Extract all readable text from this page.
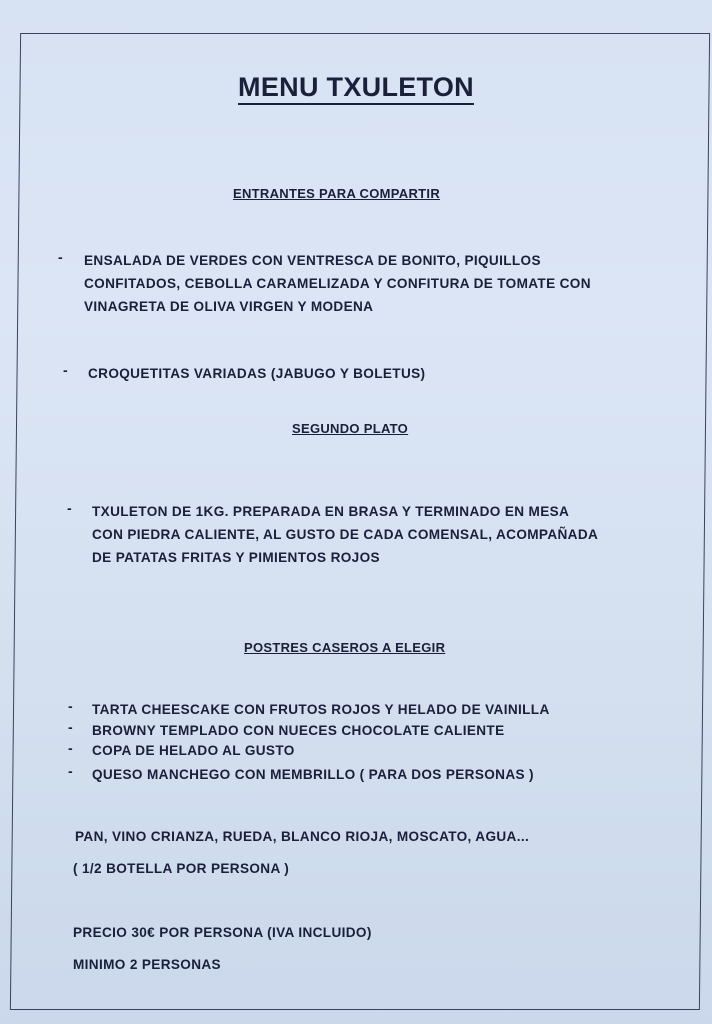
MENU TXULETON
ENTRANTES PARA COMPARTIR
- ENSALADA DE VERDES CON VENTRESCA DE BONITO, PIQUILLOS
CONFITADOS, CEBOLLA CARAMELIZADA Y CONFITURA DE TOMATE CON
VINAGRETA DE OLIVA VIRGEN Y MODENA
- CROQUETITAS VARIADAS (JABUGO Y BOLETUS)
SEGUNDO PLATO
- TXULETON DE 1KG. PREPARADA EN BRASA Y TERMINADO EN MESA
CON PIEDRA CALIENTE, AL GUSTO DE CADA COMENSAL, ACOMPAÑADA
DE PATATAS FRITAS Y PIMIENTOS ROJOS
POSTRES CASEROS A ELEGIR
- TARTA CHEESCAKE CON FRUTOS ROJOS Y HELADO DE VAINILLA
- BROWNY TEMPLADO CON NUECES CHOCOLATE CALIENTE
- COPA DE HELADO AL GUSTO
- QUESO MANCHEGO CON MEMBRILLO ( PARA DOS PERSONAS )
PAN, VINO CRIANZA, RUEDA, BLANCO RIOJA, MOSCATO, AGUA...
( 1/2 BOTELLA POR PERSONA )
PRECIO 30€ POR PERSONA (IVA INCLUIDO)
MINIMO 2 PERSONAS
